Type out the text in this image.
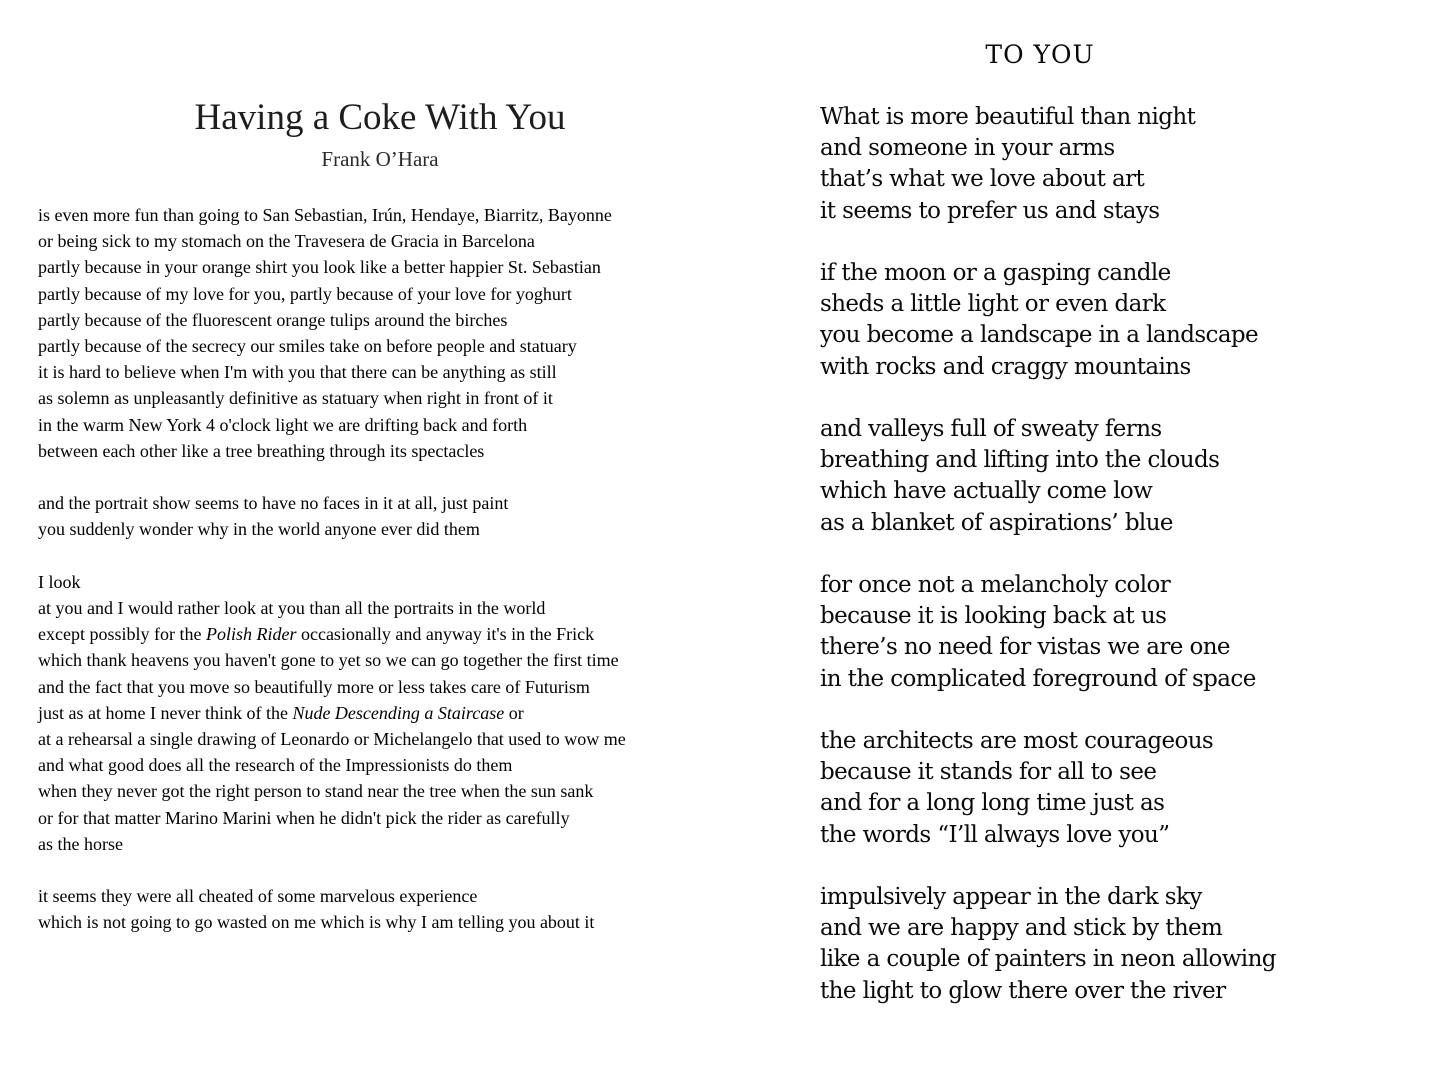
Having a Coke With You
Frank O’Hara
is even more fun than going to San Sebastian, Irún, Hendaye, Biarritz, Bayonne
or being sick to my stomach on the Travesera de Gracia in Barcelona
partly because in your orange shirt you look like a better happier St. Sebastian
partly because of my love for you, partly because of your love for yoghurt
partly because of the fluorescent orange tulips around the birches
partly because of the secrecy our smiles take on before people and statuary
it is hard to believe when I'm with you that there can be anything as still
as solemn as unpleasantly definitive as statuary when right in front of it
in the warm New York 4 o'clock light we are drifting back and forth
between each other like a tree breathing through its spectacles
and the portrait show seems to have no faces in it at all, just paint
you suddenly wonder why in the world anyone ever did them
I look
at you and I would rather look at you than all the portraits in the world
except possibly for the Polish Rider occasionally and anyway it's in the Frick
which thank heavens you haven't gone to yet so we can go together the first time
and the fact that you move so beautifully more or less takes care of Futurism
just as at home I never think of the Nude Descending a Staircase or
at a rehearsal a single drawing of Leonardo or Michelangelo that used to wow me
and what good does all the research of the Impressionists do them
when they never got the right person to stand near the tree when the sun sank
or for that matter Marino Marini when he didn't pick the rider as carefully
as the horse
it seems they were all cheated of some marvelous experience
which is not going to go wasted on me which is why I am telling you about it
TO YOU
What is more beautiful than night
and someone in your arms
that’s what we love about art
it seems to prefer us and stays
if the moon or a gasping candle
sheds a little light or even dark
you become a landscape in a landscape
with rocks and craggy mountains
and valleys full of sweaty ferns
breathing and lifting into the clouds
which have actually come low
as a blanket of aspirations’ blue
for once not a melancholy color
because it is looking back at us
there’s no need for vistas we are one
in the complicated foreground of space
the architects are most courageous
because it stands for all to see
and for a long long time just as
the words “I’ll always love you”
impulsively appear in the dark sky
and we are happy and stick by them
like a couple of painters in neon allowing
the light to glow there over the river
